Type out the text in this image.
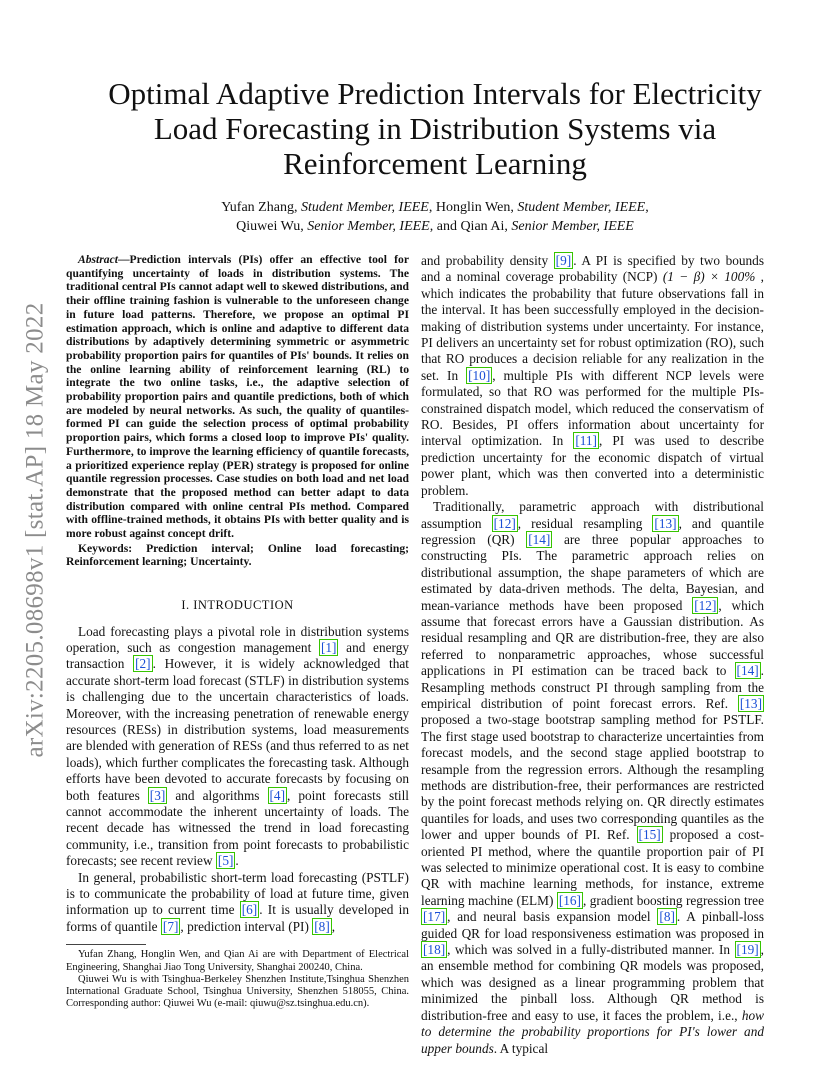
arXiv:2205.08698v1 [stat.AP] 18 May 2022
Optimal Adaptive Prediction Intervals for Electricity
Load Forecasting in Distribution Systems via
Reinforcement Learning
Yufan Zhang, Student Member, IEEE, Honglin Wen, Student Member, IEEE,
Qiuwei Wu, Senior Member, IEEE, and Qian Ai, Senior Member, IEEE

Abstract—Prediction intervals (PIs) offer an effective tool for quantifying uncertainty of loads in distribution systems. The traditional central PIs cannot adapt well to skewed distributions, and their offline training fashion is vulnerable to the unforeseen change in future load patterns. Therefore, we propose an optimal PI estimation approach, which is online and adaptive to different data distributions by adaptively determining symmetric or asymmetric probability proportion pairs for quantiles of PIs' bounds. It relies on the online learning ability of reinforcement learning (RL) to integrate the two online tasks, i.e., the adaptive selection of probability proportion pairs and quantile predictions, both of which are modeled by neural networks. As such, the quality of quantiles-formed PI can guide the selection process of optimal probability proportion pairs, which forms a closed loop to improve PIs' quality. Furthermore, to improve the learning efficiency of quantile forecasts, a prioritized experience replay (PER) strategy is proposed for online quantile regression processes. Case studies on both load and net load demonstrate that the proposed method can better adapt to data distribution compared with online central PIs method. Compared with offline-trained methods, it obtains PIs with better quality and is more robust against concept drift.

Keywords: Prediction interval; Online load forecasting; Reinforcement learning; Uncertainty.

I. INTRODUCTION

Load forecasting plays a pivotal role in distribution systems operation, such as congestion management [1] and energy transaction [2] . However, it is widely acknowledged that accurate short-term load forecast (STLF) in distribution systems is challenging due to the uncertain characteristics of loads. Moreover, with the increasing penetration of renewable energy resources (RESs) in distribution systems, load measurements are blended with generation of RESs (and thus referred to as net loads), which further complicates the forecasting task. Although efforts have been devoted to accurate forecasts by focusing on both features [3] and algorithms [4] , point forecasts still cannot accommodate the inherent uncertainty of loads. The recent decade has witnessed the trend in load forecasting community, i.e., transition from point forecasts to probabilistic forecasts; see recent review [5] .

In general, probabilistic short-term load forecasting (PSTLF) is to communicate the probability of load at future time, given information up to current time [6] . It is usually developed in forms of quantile [7] , prediction interval (PI) [8] ,

Yufan Zhang, Honglin Wen, and Qian Ai are with Department of Electrical Engineering, Shanghai Jiao Tong University, Shanghai 200240, China.

Qiuwei Wu is with Tsinghua-Berkeley Shenzhen Institute,Tsinghua Shenzhen International Graduate School, Tsinghua University, Shenzhen 518055, China. Corresponding author: Qiuwei Wu (e-mail: qiuwu@sz.tsinghua.edu.cn).

and probability density [9] . A PI is specified by two bounds and a nominal coverage probability (NCP) (1 − β) × 100% , which indicates the probability that future observations fall in the interval. It has been successfully employed in the decision-making of distribution systems under uncertainty. For instance, PI delivers an uncertainty set for robust optimization (RO), such that RO produces a decision reliable for any realization in the set. In [10] , multiple PIs with different NCP levels were formulated, so that RO was performed for the multiple PIs-constrained dispatch model, which reduced the conservatism of RO. Besides, PI offers information about uncertainty for interval optimization. In [11] , PI was used to describe prediction uncertainty for the economic dispatch of virtual power plant, which was then converted into a deterministic problem.

Traditionally, parametric approach with distributional assumption [12] , residual resampling [13] , and quantile regression (QR) [14] are three popular approaches to constructing PIs. The parametric approach relies on distributional assumption, the shape parameters of which are estimated by data-driven methods. The delta, Bayesian, and mean-variance methods have been proposed [12] , which assume that forecast errors have a Gaussian distribution. As residual resampling and QR are distribution-free, they are also referred to nonparametric approaches, whose successful applications in PI estimation can be traced back to [14] . Resampling methods construct PI through sampling from the empirical distribution of point forecast errors. Ref. [13] proposed a two-stage bootstrap sampling method for PSTLF. The first stage used bootstrap to characterize uncertainties from forecast models, and the second stage applied bootstrap to resample from the regression errors. Although the resampling methods are distribution-free, their performances are restricted by the point forecast methods relying on. QR directly estimates quantiles for loads, and uses two corresponding quantiles as the lower and upper bounds of PI. Ref. [15] proposed a cost-oriented PI method, where the quantile proportion pair of PI was selected to minimize operational cost. It is easy to combine QR with machine learning methods, for instance, extreme learning machine (ELM) [16] , gradient boosting regression tree [17] , and neural basis expansion model [8] . A pinball-loss guided QR for load responsiveness estimation was proposed in [18] , which was solved in a fully-distributed manner. In [19] , an ensemble method for combining QR models was proposed, which was designed as a linear programming problem that minimized the pinball loss. Although QR method is distribution-free and easy to use, it faces the problem, i.e., how to determine the probability proportions for PI's lower and upper bounds. A typical
